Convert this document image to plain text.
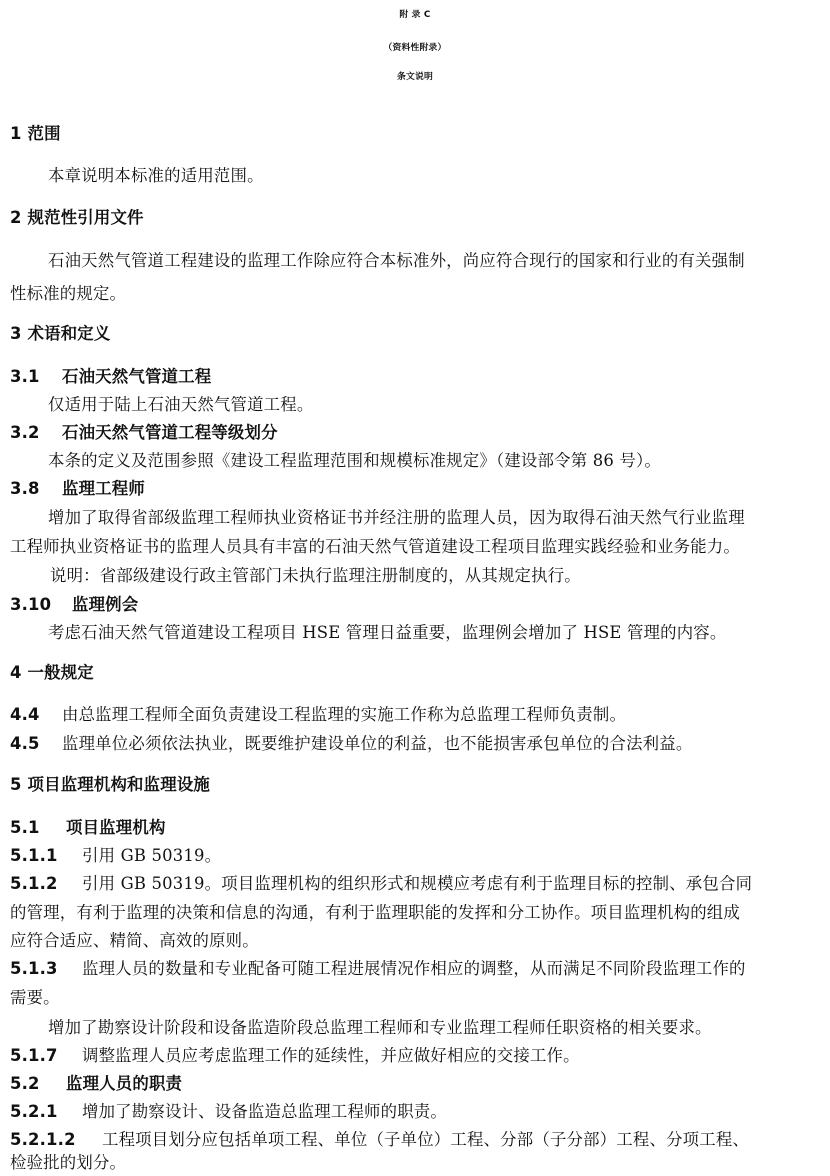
附 录 C
（资料性附录）
条文说明
1 范围
本章说明本标准的适用范围。
2 规范性引用文件
石油天然气管道工程建设的监理工作除应符合本标准外，尚应符合现行的国家和行业的有关强制
性标准的规定。
3 术语和定义
3.1 石油天然气管道工程
仅适用于陆上石油天然气管道工程。
3.2 石油天然气管道工程等级划分
本条的定义及范围参照《建设工程监理范围和规模标准规定》（建设部令第 86 号）。
3.8 监理工程师
增加了取得省部级监理工程师执业资格证书并经注册的监理人员，因为取得石油天然气行业监理
工程师执业资格证书的监理人员具有丰富的石油天然气管道建设工程项目监理实践经验和业务能力。
说明：省部级建设行政主管部门未执行监理注册制度的，从其规定执行。
3.10 监理例会
考虑石油天然气管道建设工程项目 HSE 管理日益重要，监理例会增加了 HSE 管理的内容。
4 一般规定
4.4 由总监理工程师全面负责建设工程监理的实施工作称为总监理工程师负责制。
4.5 监理单位必须依法执业，既要维护建设单位的利益，也不能损害承包单位的合法利益。
5 项目监理机构和监理设施
5.1 项目监理机构
5.1.1 引用 GB 50319。
5.1.2 引用 GB 50319。项目监理机构的组织形式和规模应考虑有利于监理目标的控制、承包合同
的管理，有利于监理的决策和信息的沟通，有利于监理职能的发挥和分工协作。项目监理机构的组成
应符合适应、精简、高效的原则。
5.1.3 监理人员的数量和专业配备可随工程进展情况作相应的调整，从而满足不同阶段监理工作的
需要。
增加了勘察设计阶段和设备监造阶段总监理工程师和专业监理工程师任职资格的相关要求。
5.1.7 调整监理人员应考虑监理工作的延续性，并应做好相应的交接工作。
5.2 监理人员的职责
5.2.1 增加了勘察设计、设备监造总监理工程师的职责。
5.2.1.2 工程项目划分应包括单项工程、单位（子单位）工程、分部（子分部）工程、分项工程、
检验批的划分。
